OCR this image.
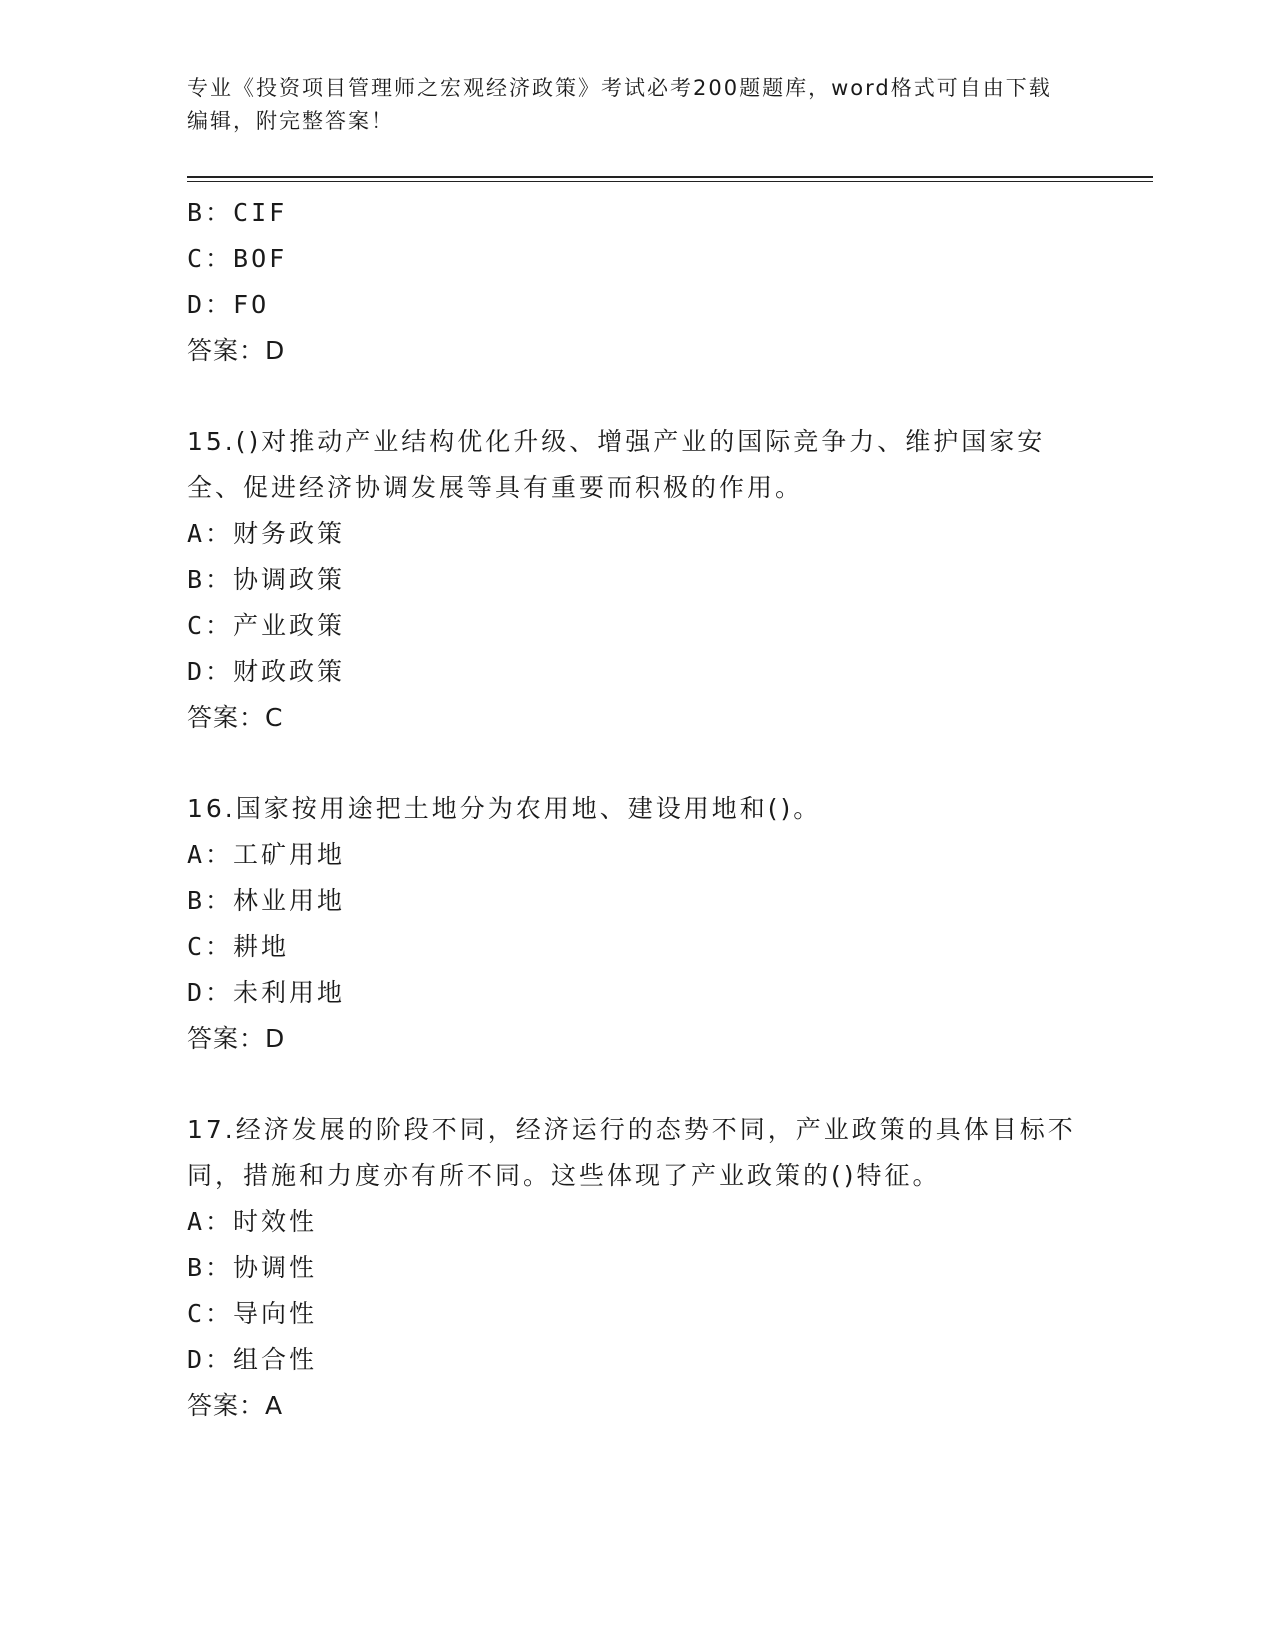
专业《投资项目管理师之宏观经济政策》考试必考200题题库，word格式可自由下载编辑，附完整答案！
B：CIF
C：BOF
D：FO
答案：D
15.()对推动产业结构优化升级、增强产业的国际竞争力、维护国家安全、促进经济协调发展等具有重要而积极的作用。
A：财务政策
B：协调政策
C：产业政策
D：财政政策
答案：C
16.国家按用途把土地分为农用地、建设用地和()。
A：工矿用地
B：林业用地
C：耕地
D：未利用地
答案：D
17.经济发展的阶段不同，经济运行的态势不同，产业政策的具体目标不同，措施和力度亦有所不同。这些体现了产业政策的()特征。
A：时效性
B：协调性
C：导向性
D：组合性
答案：A
